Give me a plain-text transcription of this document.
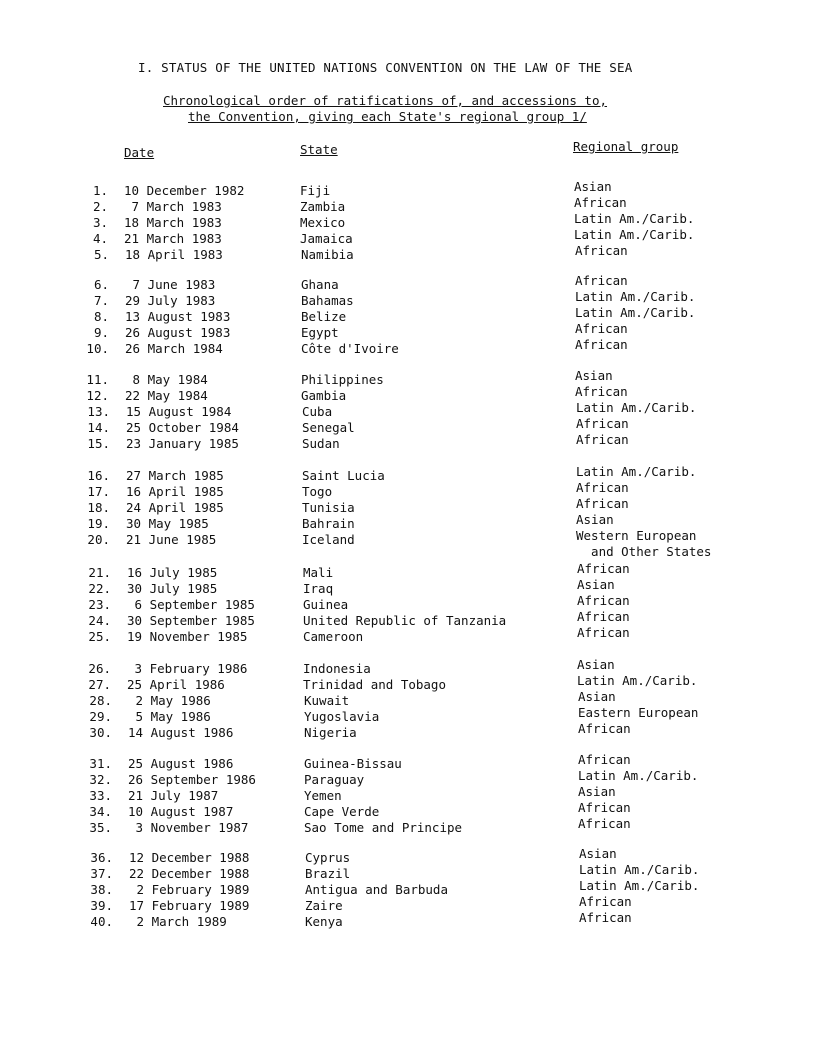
I. STATUS OF THE UNITED NATIONS CONVENTION ON THE LAW OF THE SEA
Chronological order of ratifications of, and accessions to,
the Convention, giving each State's regional group 1/
Date	State	Regional group
1. 10 December 1982	Fiji	Asian
2. 7 March 1983	Zambia	African
3. 18 March 1983	Mexico	Latin Am./Carib.
4. 21 March 1983	Jamaica	Latin Am./Carib.
5. 18 April 1983	Namibia	African
6. 7 June 1983	Ghana	African
7. 29 July 1983	Bahamas	Latin Am./Carib.
8. 13 August 1983	Belize	Latin Am./Carib.
9. 26 August 1983	Egypt	African
10. 26 March 1984	Côte d'Ivoire	African
11. 8 May 1984	Philippines	Asian
12. 22 May 1984	Gambia	African
13. 15 August 1984	Cuba	Latin Am./Carib.
14. 25 October 1984	Senegal	African
15. 23 January 1985	Sudan	African
16. 27 March 1985	Saint Lucia	Latin Am./Carib.
17. 16 April 1985	Togo	African
18. 24 April 1985	Tunisia	African
19. 30 May 1985	Bahrain	Asian
20. 21 June 1985	Iceland	Western European
and Other States
21. 16 July 1985	Mali	African
22. 30 July 1985	Iraq	Asian
23. 6 September 1985	Guinea	African
24. 30 September 1985	United Republic of Tanzania	African
25. 19 November 1985	Cameroon	African
26. 3 February 1986	Indonesia	Asian
27. 25 April 1986	Trinidad and Tobago	Latin Am./Carib.
28. 2 May 1986	Kuwait	Asian
29. 5 May 1986	Yugoslavia	Eastern European
30. 14 August 1986	Nigeria	African
31. 25 August 1986	Guinea-Bissau	African
32. 26 September 1986	Paraguay	Latin Am./Carib.
33. 21 July 1987	Yemen	Asian
34. 10 August 1987	Cape Verde	African
35. 3 November 1987	Sao Tome and Principe	African
36. 12 December 1988	Cyprus	Asian
37. 22 December 1988	Brazil	Latin Am./Carib.
38. 2 February 1989	Antigua and Barbuda	Latin Am./Carib.
39. 17 February 1989	Zaire	African
40. 2 March 1989	Kenya	African
